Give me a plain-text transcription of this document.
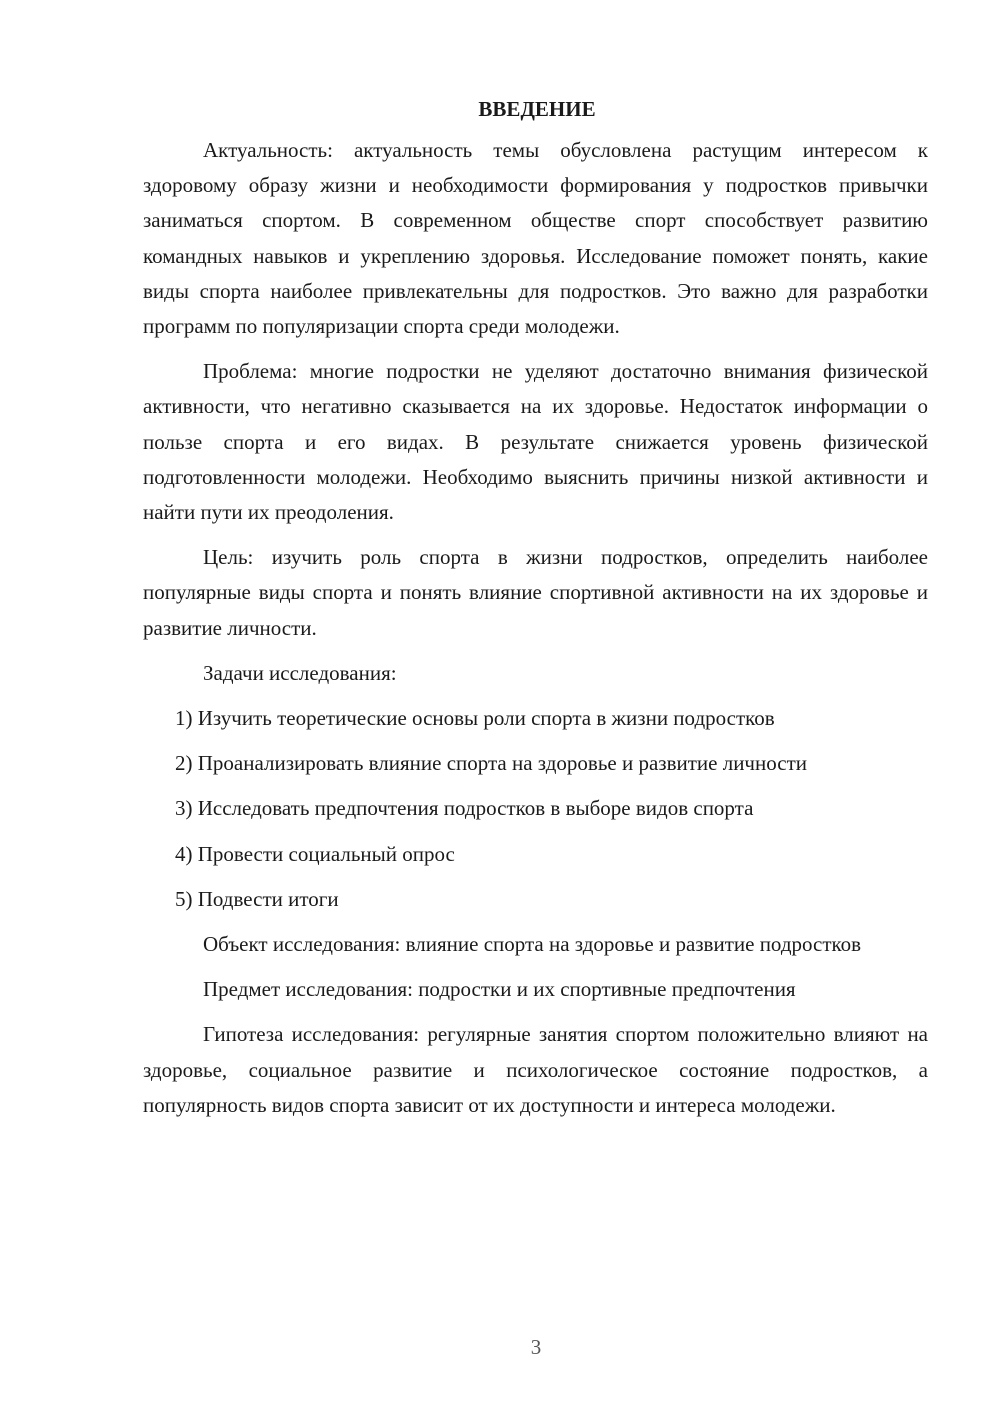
ВВЕДЕНИЕ

Актуальность: актуальность темы обусловлена растущим интересом к здоровому образу жизни и необходимости формирования у подростков привычки заниматься спортом. В современном обществе спорт способствует развитию командных навыков и укреплению здоровья. Исследование поможет понять, какие виды спорта наиболее привлекательны для подростков. Это важно для разработки программ по популяризации спорта среди молодежи.

Проблема: многие подростки не уделяют достаточно внимания физической активности, что негативно сказывается на их здоровье. Недостаток информации о пользе спорта и его видах. В результате снижается уровень физической подготовленности молодежи. Необходимо выяснить причины низкой активности и найти пути их преодоления.

Цель: изучить роль спорта в жизни подростков, определить наиболее популярные виды спорта и понять влияние спортивной активности на их здоровье и развитие личности.

Задачи исследования:

1) Изучить теоретические основы роли спорта в жизни подростков

2) Проанализировать влияние спорта на здоровье и развитие личности

3) Исследовать предпочтения подростков в выборе видов спорта

4) Провести социальный опрос

5) Подвести итоги

Объект исследования: влияние спорта на здоровье и развитие подростков

Предмет исследования: подростки и их спортивные предпочтения

Гипотеза исследования: регулярные занятия спортом положительно влияют на здоровье, социальное развитие и психологическое состояние подростков, а популярность видов спорта зависит от их доступности и интереса молодежи.

3
